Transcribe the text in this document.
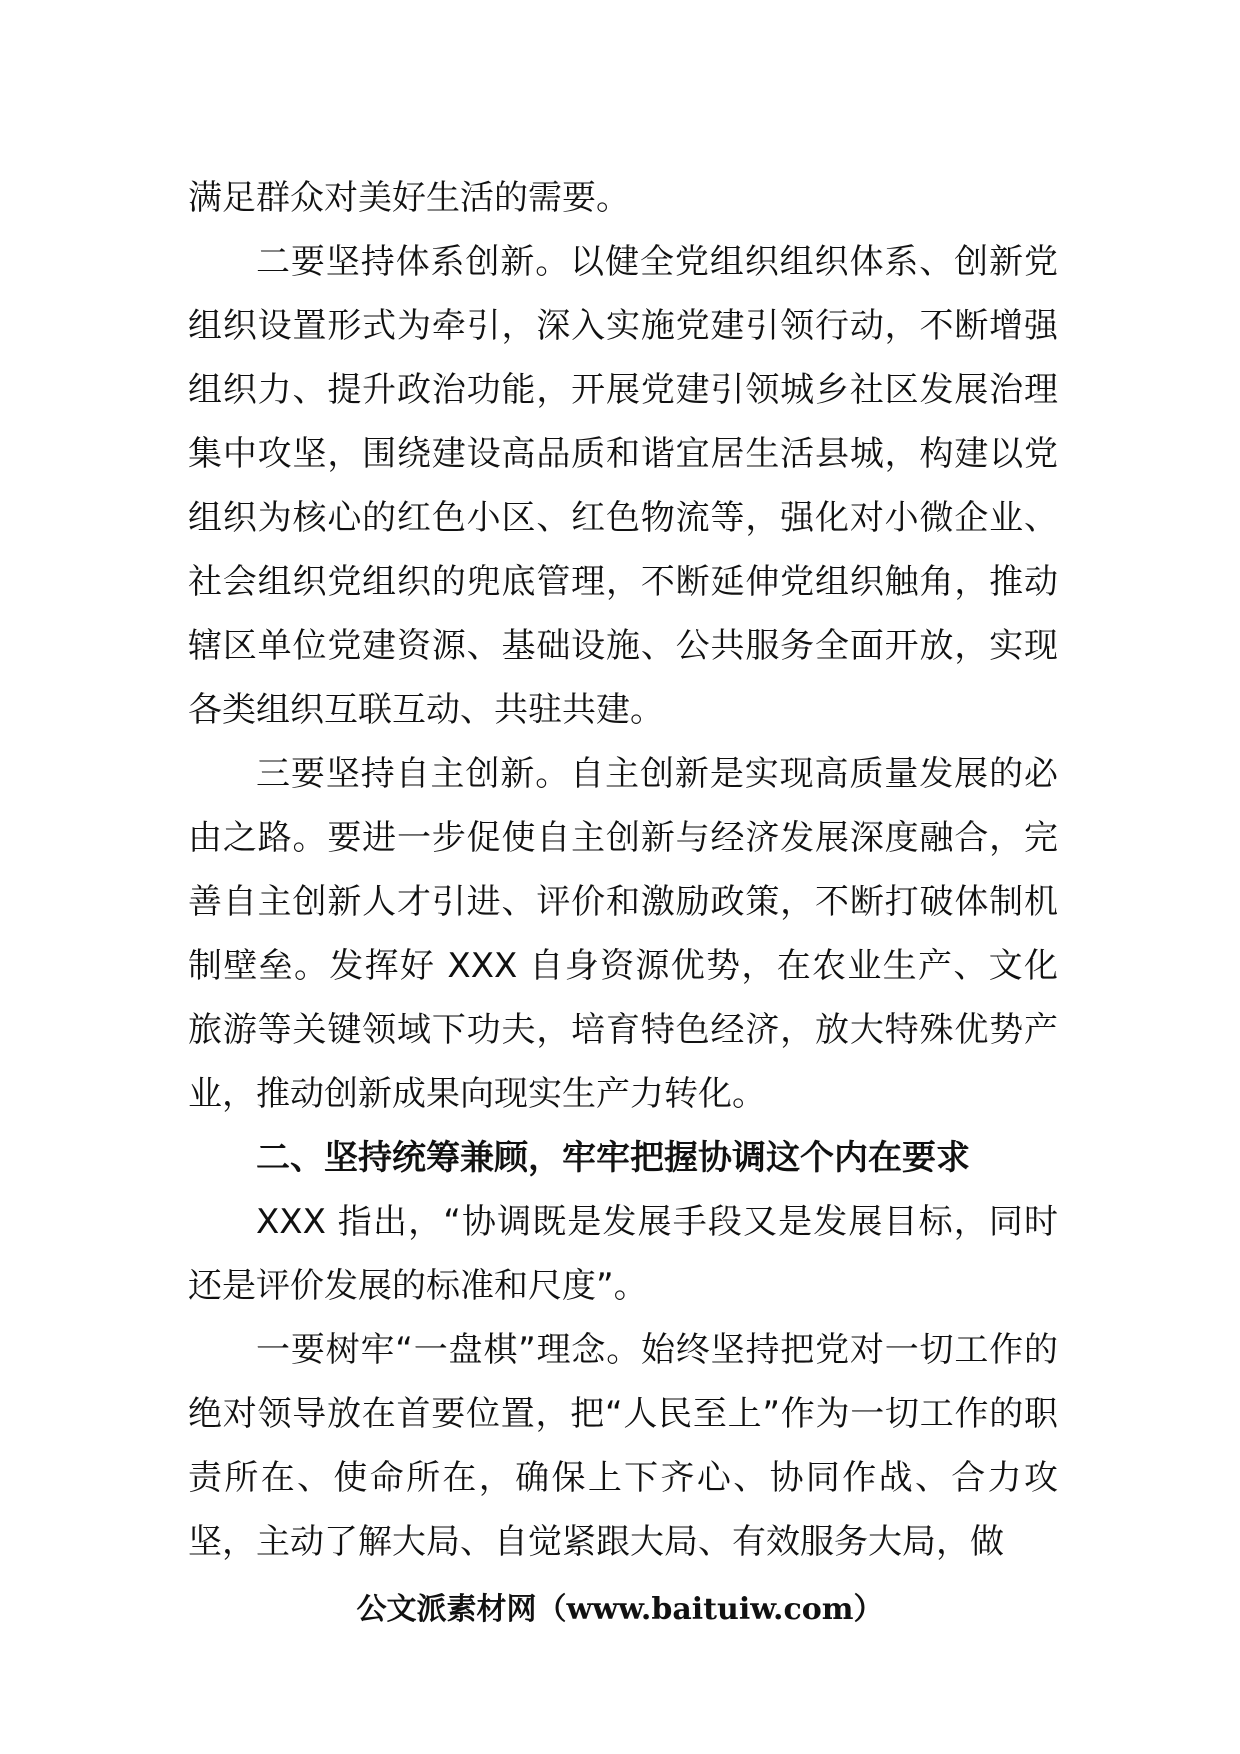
满足群众对美好生活的需要。

二要坚持体系创新。以健全党组织组织体系、创新党组织设置形式为牵引，深入实施党建引领行动，不断增强组织力、提升政治功能，开展党建引领城乡社区发展治理集中攻坚，围绕建设高品质和谐宜居生活县城，构建以党组织为核心的红色小区、红色物流等，强化对小微企业、社会组织党组织的兜底管理，不断延伸党组织触角，推动辖区单位党建资源、基础设施、公共服务全面开放，实现各类组织互联互动、共驻共建。

三要坚持自主创新。自主创新是实现高质量发展的必由之路。要进一步促使自主创新与经济发展深度融合，完善自主创新人才引进、评价和激励政策，不断打破体制机制壁垒。发挥好 XXX 自身资源优势，在农业生产、文化旅游等关键领域下功夫，培育特色经济，放大特殊优势产业，推动创新成果向现实生产力转化。

二、坚持统筹兼顾，牢牢把握协调这个内在要求

XXX 指出，“协调既是发展手段又是发展目标，同时还是评价发展的标准和尺度”。

一要树牢“一盘棋”理念。始终坚持把党对一切工作的绝对领导放在首要位置，把“人民至上”作为一切工作的职责所在、使命所在，确保上下齐心、协同作战、合力攻坚，主动了解大局、自觉紧跟大局、有效服务大局，做

公文派素材网（www.baituiw.com）
